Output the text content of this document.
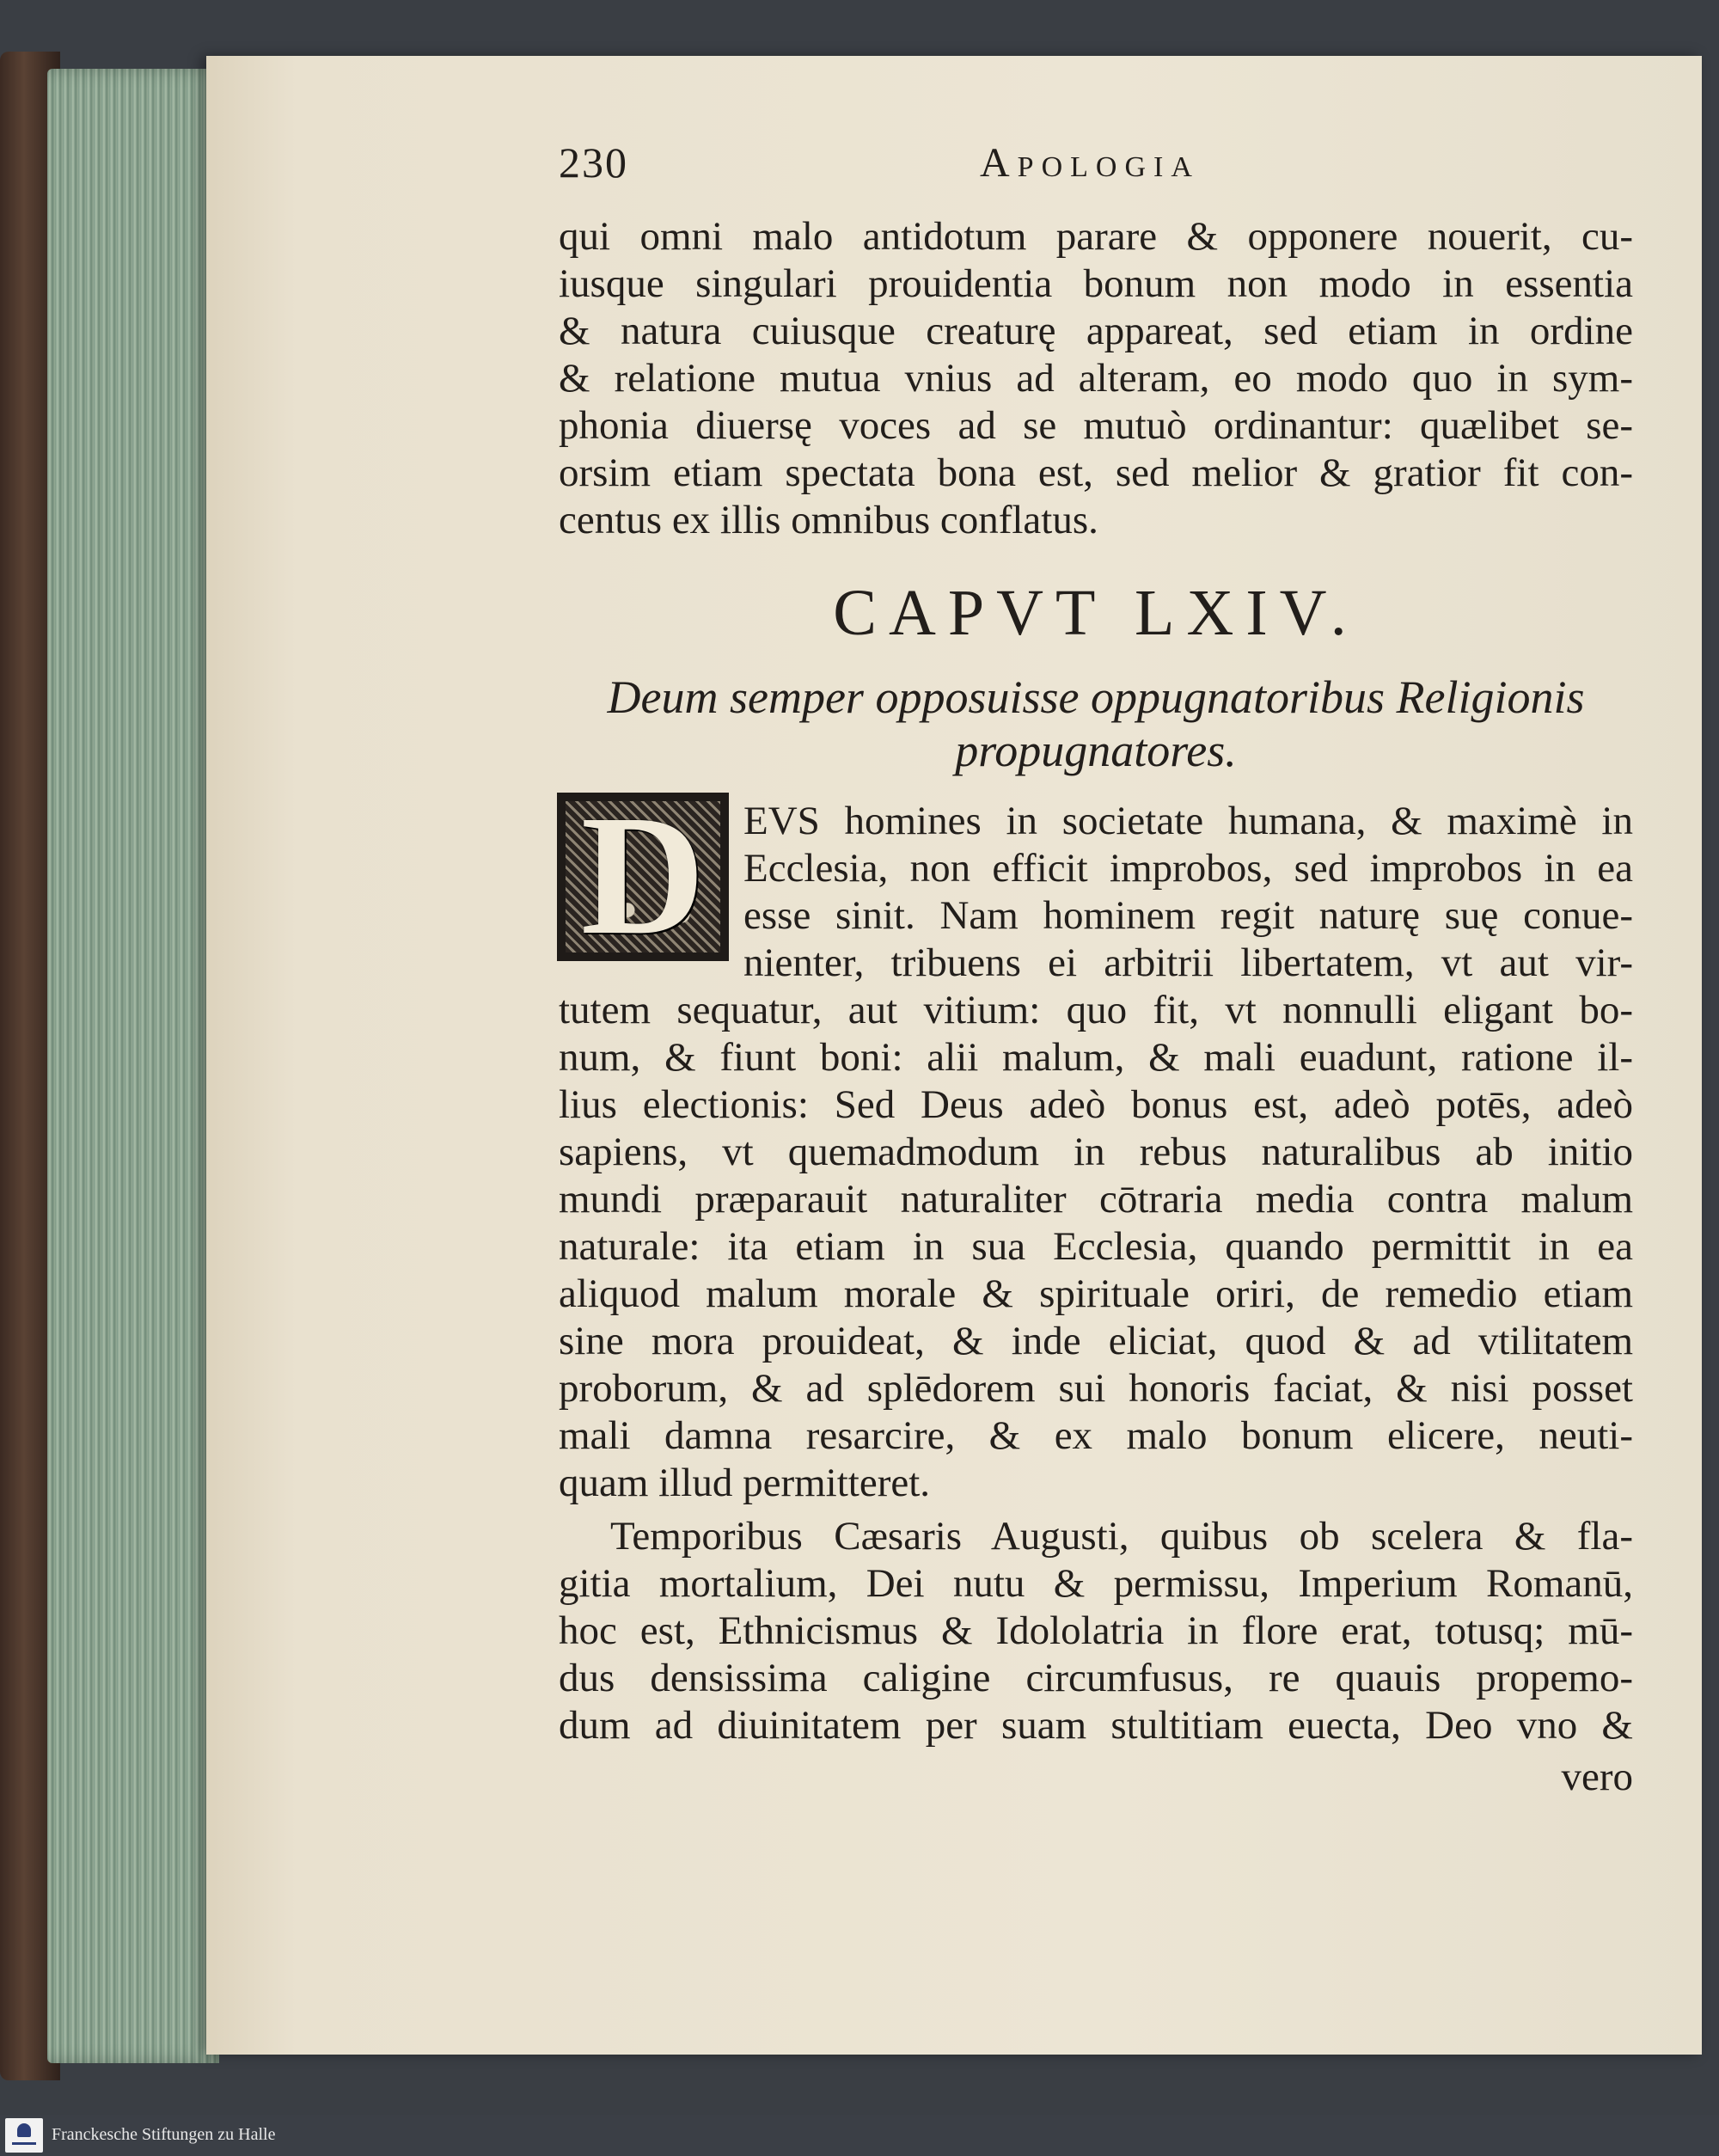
230	Apologia
qui omni malo antidotum parare & opponere nouerit, cu-
iusque singulari prouidentia bonum non modo in essentia
& natura cuiusque creaturę appareat, sed etiam in ordine
& relatione mutua vnius ad alteram, eo modo quo in sym-
phonia diuersę voces ad se mutuò ordinantur: quælibet se-
orsim etiam spectata bona est, sed melior & gratior fit con-
centus ex illis omnibus conflatus.
CAPVT LXIV.
Deum semper opposuisse oppugnatoribus Religionis
propugnatores.
D EVS homines in societate humana, & maximè in
Ecclesia, non efficit improbos, sed improbos in ea
esse sinit. Nam hominem regit naturę suę conue-
nienter, tribuens ei arbitrii libertatem, vt aut vir-
tutem sequatur, aut vitium: quo fit, vt nonnulli eligant bo-
num, & fiunt boni: alii malum, & mali euadunt, ratione il-
lius electionis: Sed Deus adeò bonus est, adeò potēs, adeò
sapiens, vt quemadmodum in rebus naturalibus ab initio
mundi præparauit naturaliter cōtraria media contra malum
naturale: ita etiam in sua Ecclesia, quando permittit in ea
aliquod malum morale & spirituale oriri, de remedio etiam
sine mora prouideat, & inde eliciat, quod & ad vtilitatem
proborum, & ad splēdorem sui honoris faciat, & nisi posset
mali damna resarcire, & ex malo bonum elicere, neuti-
quam illud permitteret.
Temporibus Cæsaris Augusti, quibus ob scelera & fla-
gitia mortalium, Dei nutu & permissu, Imperium Romanū,
hoc est, Ethnicismus & Idololatria in flore erat, totusq; mū-
dus densissima caligine circumfusus, re quauis propemo-
dum ad diuinitatem per suam stultitiam euecta, Deo vno &
vero
Franckesche Stiftungen zu Halle
